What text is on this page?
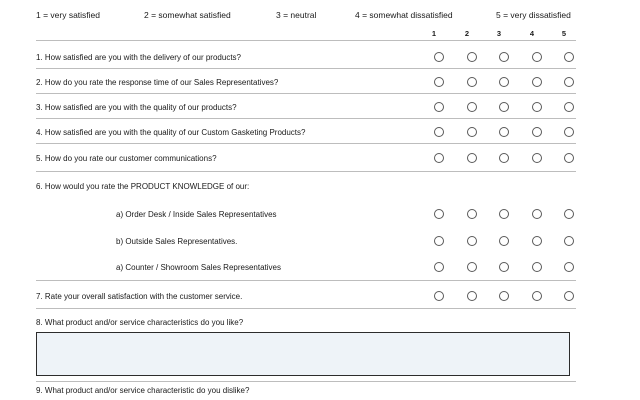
1 = very satisfied	2 = somewhat satisfied	3 = neutral	4 = somewhat dissatisfied	5 = very dissatisfied
1	2	3	4	5
1. How satisfied are you with the delivery of our products?
2. How do you rate the response time of our Sales Representatives?
3. How satisfied are you with the quality of our products?
4. How satisfied are you with the quality of our Custom Gasketing Products?
5. How do you rate our customer communications?
6. How would you rate the PRODUCT KNOWLEDGE of our:
a) Order Desk / Inside Sales Representatives
b) Outside Sales Representatives.
a) Counter / Showroom Sales Representatives
7. Rate your overall satisfaction with the customer service.
8. What product and/or service characteristics do you like?
9. What product and/or service characteristic do you dislike?
